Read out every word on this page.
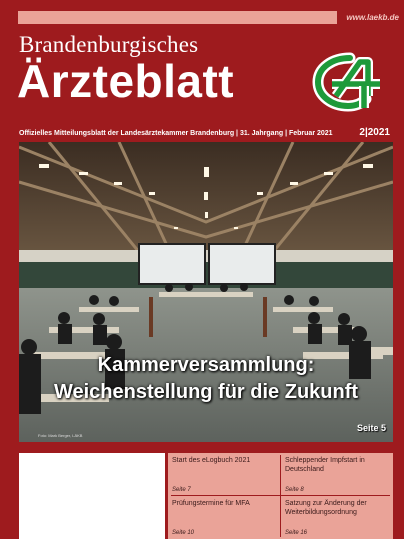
www.laekb.de
Brandenburgisches
Ärzteblatt
Offizielles Mitteilungsblatt der Landesärztekammer Brandenburg | 31. Jahrgang | Februar 2021	2|2021
Kammerversammlung:
Weichenstellung für die Zukunft
Seite 5
Foto: Mark Berger, LÄKB
Start des eLogbuch 2021
Seite 7
Schleppender Impfstart in Deutschland
Seite 8
Prüfungstermine für MFA
Seite 10
Satzung zur Änderung der Weiterbildungsordnung
Seite 16
